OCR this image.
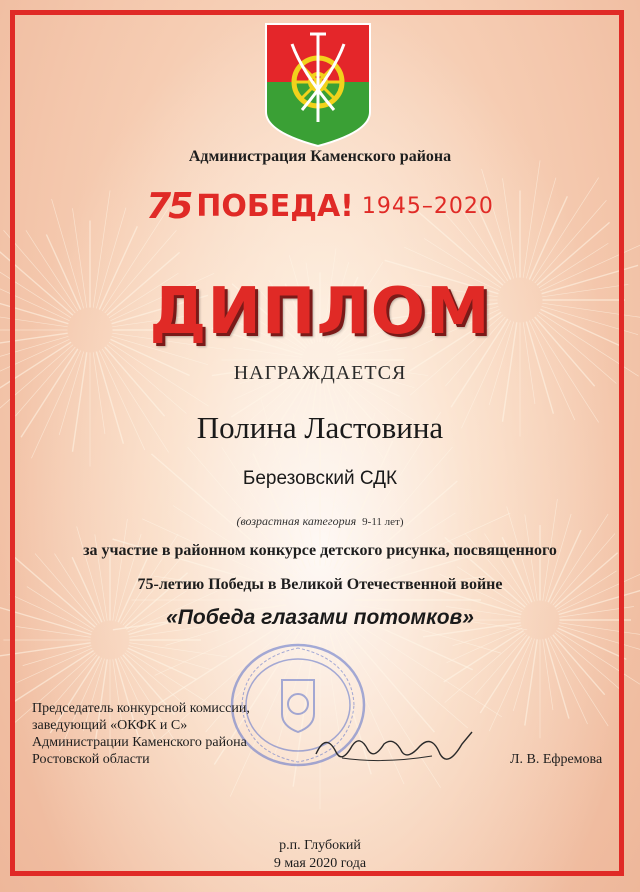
Администрация Каменского района
75 ПОБЕДА! 1945–2020
ДИПЛОМ
НАГРАЖДАЕТСЯ
Полина Ластовина
Березовский СДК
(возрастная категория 9-11 лет)
за участие в районном конкурсе детского рисунка, посвященного
75-летию Победы в Великой Отечественной войне
«Победа глазами потомков»
Председатель конкурсной комиссии,
заведующий «ОКФК и С»
Администрации Каменского района
Ростовской области	Л. В. Ефремова
р.п. Глубокий
9 мая 2020 года
